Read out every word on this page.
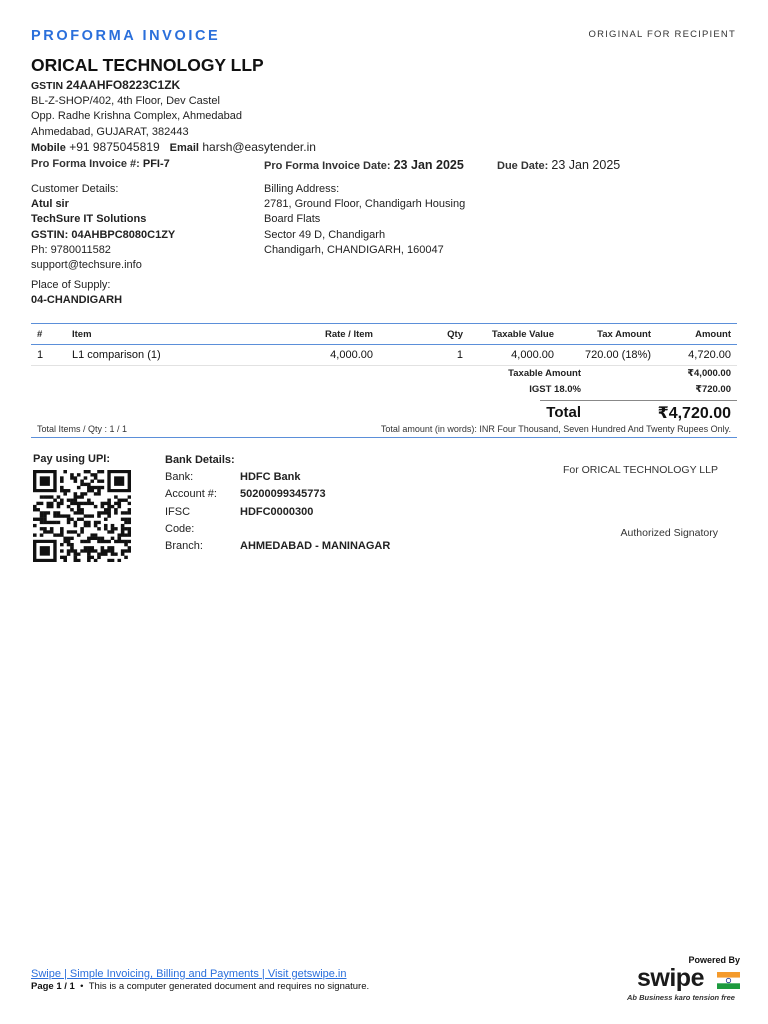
PROFORMA INVOICE	ORIGINAL FOR RECIPIENT
ORICAL TECHNOLOGY LLP
GSTIN 24AAHFO8223C1ZK
BL-Z-SHOP/402, 4th Floor, Dev Castel
Opp. Radhe Krishna Complex, Ahmedabad
Ahmedabad, GUJARAT, 382443
Mobile +91 9875045819 Email harsh@easytender.in
Pro Forma Invoice #: PFI-7	Pro Forma Invoice Date: 23 Jan 2025	Due Date: 23 Jan 2025
Customer Details:
Atul sir
TechSure IT Solutions
GSTIN: 04AHBPC8080C1ZY
Ph: 9780011582
support@techsure.info
Place of Supply:
04-CHANDIGARH
Billing Address:
2781, Ground Floor, Chandigarh Housing
Board Flats
Sector 49 D, Chandigarh
Chandigarh, CHANDIGARH, 160047
#	Item	Rate / Item	Qty	Taxable Value	Tax Amount	Amount
1	L1 comparison (1)	4,000.00	1	4,000.00	720.00 (18%)	4,720.00
Taxable Amount	₹4,000.00
IGST 18.0%	₹720.00
Total	₹4,720.00
Total Items / Qty : 1 / 1	Total amount (in words): INR Four Thousand, Seven Hundred And Twenty Rupees Only.
Pay using UPI:	Bank Details:
Bank:	HDFC Bank
Account #:	50200099345773
IFSC Code:	HDFC0000300
Branch:	AHMEDABAD - MANINAGAR
For ORICAL TECHNOLOGY LLP
Authorized Signatory
Swipe | Simple Invoicing, Billing and Payments | Visit getswipe.in
Page 1 / 1  •  This is a computer generated document and requires no signature.
Powered By
swipe
Ab Business karo tension free
